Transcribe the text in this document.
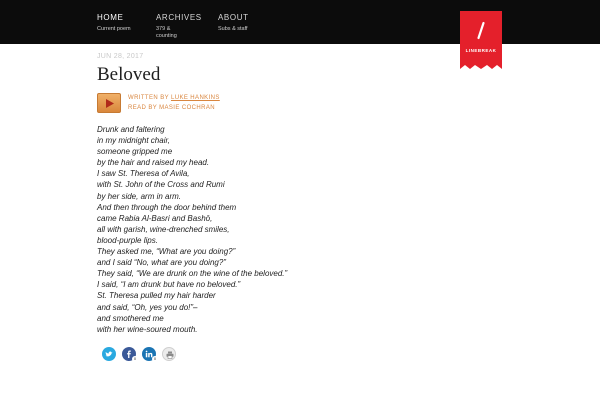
HOME
Current poem
ARCHIVES
379 & counting
ABOUT
Subs & staff
LINEBREAK
JUN 28, 2017
Beloved
WRITTEN BY LUKE HANKINS
READ BY MASIE COCHRAN
Drunk and faltering
in my midnight chair,
someone gripped me
by the hair and raised my head.
I saw St. Theresa of Avila,
with St. John of the Cross and Rumi
by her side, arm in arm.
And then through the door behind them
came Rabia Al-Basri and Bashō,
all with garish, wine-drenched smiles,
blood-purple lips.
They asked me, “What are you doing?”
and I said “No, what are you doing?”
They said, “We are drunk on the wine of the beloved.”
I said, “I am drunk but have no beloved.”
St. Theresa pulled my hair harder
and said, “Oh, yes you do!”–
and smothered me
with her wine-soured mouth.
0	0
